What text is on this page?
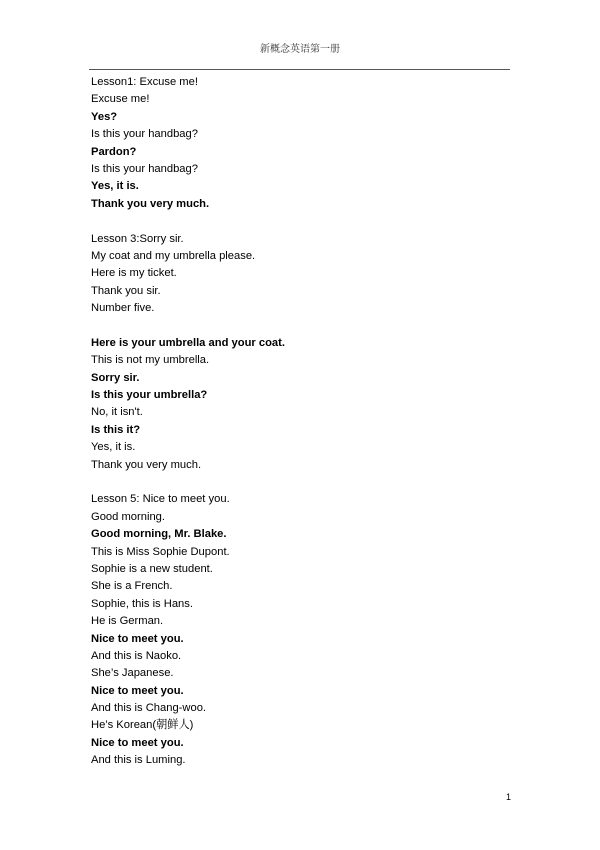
新概念英语第一册
Lesson1: Excuse me!
Excuse me!
Yes?
Is this your handbag?
Pardon?
Is this your handbag?
Yes, it is.
Thank you very much.
Lesson 3:Sorry sir.
My coat and my umbrella please.
Here is my ticket.
Thank you sir.
Number five.
Here is your umbrella and your coat.
This is not my umbrella.
Sorry sir.
Is this your umbrella?
No, it isn't.
Is this it?
Yes, it is.
Thank you very much.
Lesson 5: Nice to meet you.
Good morning.
Good morning, Mr. Blake.
This is Miss Sophie Dupont.
Sophie is a new student.
She is a French.
Sophie, this is Hans.
He is German.
Nice to meet you.
And this is Naoko.
She’s Japanese.
Nice to meet you.
And this is Chang-woo.
He’s Korean(朝鲜人)
Nice to meet you.
And this is Luming.
1
